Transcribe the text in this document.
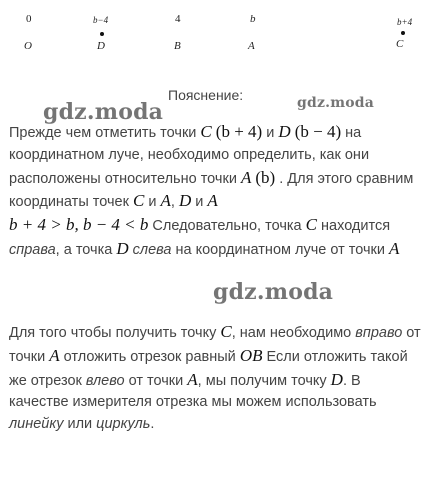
0	b−4	4	b	b+4
O	D	B	A	C
Пояснение:
Прежде чем отметить точки C (b + 4) и D (b − 4) на координатном луче, необходимо определить, как они расположены относительно точки A (b) . Для этого сравним координаты точек C и A, D и A
b + 4 > b, b − 4 < b Следовательно, точка C находится справа, а точка D слева на координатном луче от точки A
Для того чтобы получить точку C, нам необходимо вправо от точки A отложить отрезок равный OB Если отложить такой же отрезок влево от точки A, мы получим точку D. В качестве измерителя отрезка мы можем использовать линейку или циркуль.
gdz.moda	gdz.moda
gdz.moda
